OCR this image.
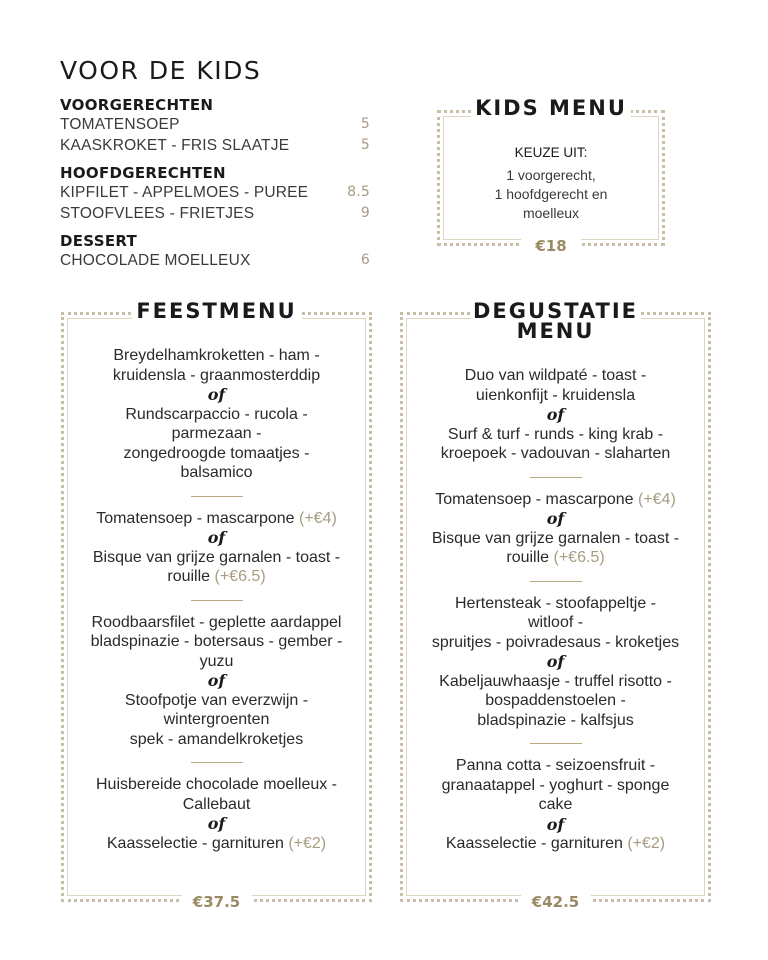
VOOR DE KIDS
VOORGERECHTEN
TOMATENSOEP	5
KAASKROKET - FRIS SLAATJE	5
HOOFDGERECHTEN
KIPFILET - APPELMOES - PUREE	8.5
STOOFVLEES - FRIETJES	9
DESSERT
CHOCOLADE MOELLEUX	6
KIDS MENU
KEUZE UIT:
1 voorgerecht,
1 hoofdgerecht en
moelleux
€18
FEESTMENU
Breydelhamkroketten - ham -
kruidensla - graanmosterddip
of
Rundscarpaccio - rucola -
parmezaan -
zongedroogde tomaatjes -
balsamico
Tomatensoep - mascarpone (+€4)
of
Bisque van grijze garnalen - toast -
rouille (+€6.5)
Roodbaarsfilet - geplette aardappel
bladspinazie - botersaus - gember -
yuzu
of
Stoofpotje van everzwijn -
wintergroenten
spek - amandelkroketjes
Huisbereide chocolade moelleux -
Callebaut
of
Kaasselectie - garnituren (+€2)
€37.5
DEGUSTATIE
MENU
Duo van wildpaté - toast -
uienkonfijt - kruidensla
of
Surf & turf - runds - king krab -
kroepoek - vadouvan - slaharten
Tomatensoep - mascarpone (+€4)
of
Bisque van grijze garnalen - toast -
rouille (+€6.5)
Hertensteak - stoofappeltje -
witloof -
spruitjes - poivradesaus - kroketjes
of
Kabeljauwhaasje - truffel risotto -
bospaddenstoelen -
bladspinazie - kalfsjus
Panna cotta - seizoensfruit -
granaatappel - yoghurt - sponge
cake
of
Kaasselectie - garnituren (+€2)
€42.5
